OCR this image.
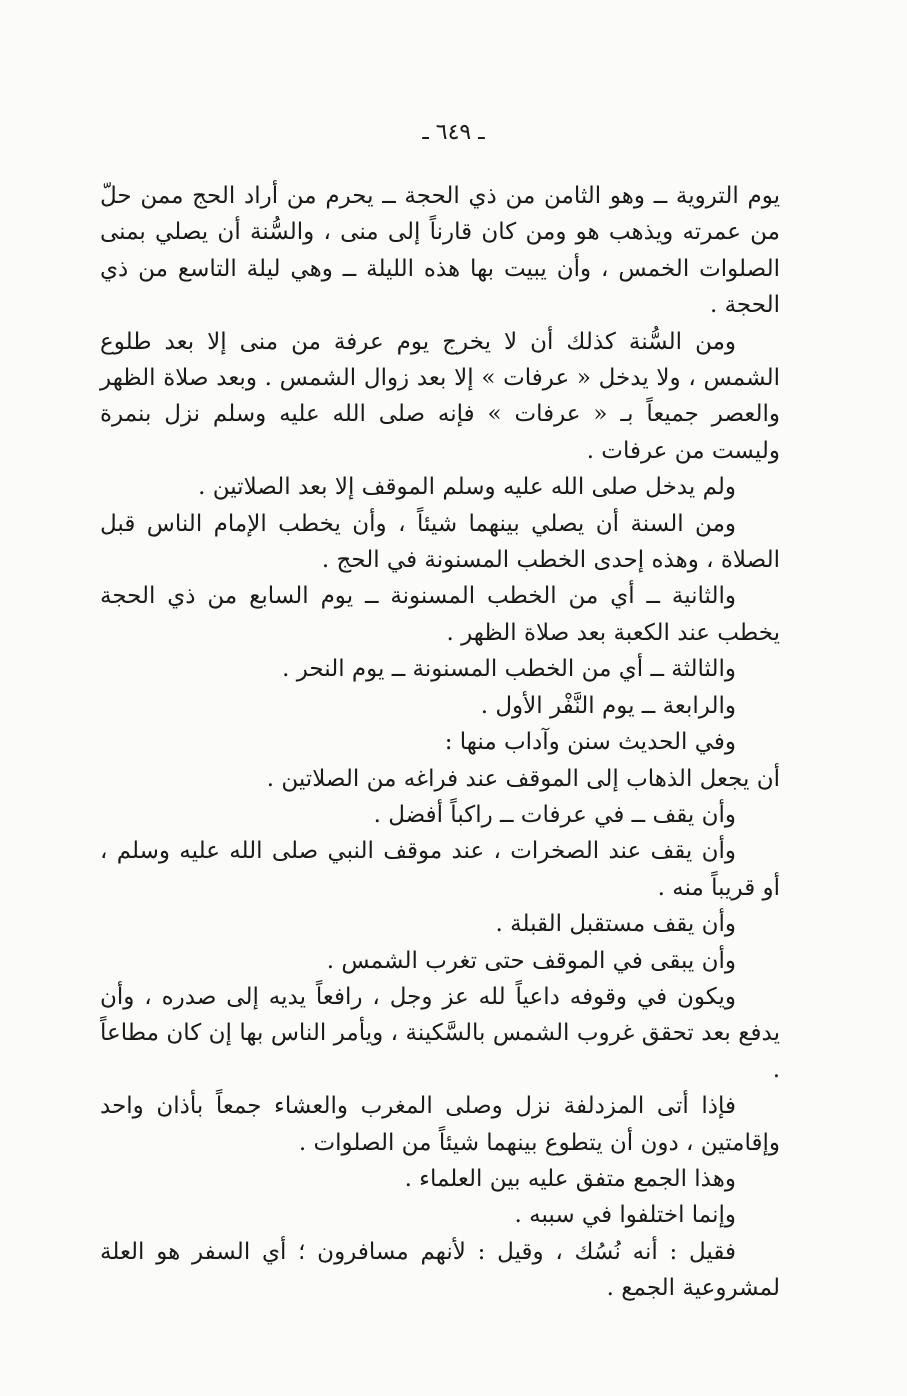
ـ ٦٤٩ ـ

يوم التروية ــ وهو الثامن من ذي الحجة ــ يحرم من أراد الحج ممن حلّ من عمرته ويذهب هو ومن كان قارناً إلى منى ، والسُّنة أن يصلي بمنى الصلوات الخمس ، وأن يبيت بها هذه الليلة ــ وهي ليلة التاسع من ذي الحجة .

ومن السُّنة كذلك أن لا يخرج يوم عرفة من منى إلا بعد طلوع الشمس ، ولا يدخل « عرفات » إلا بعد زوال الشمس . وبعد صلاة الظهر والعصر جميعاً بـ « عرفات » فإنه صلى الله عليه وسلم نزل بنمرة وليست من عرفات .

ولم يدخل صلى الله عليه وسلم الموقف إلا بعد الصلاتين .

ومن السنة أن يصلي بينهما شيئاً ، وأن يخطب الإمام الناس قبل الصلاة ، وهذه إحدى الخطب المسنونة في الحج .

والثانية ــ أي من الخطب المسنونة ــ يوم السابع من ذي الحجة يخطب عند الكعبة بعد صلاة الظهر .

والثالثة ــ أي من الخطب المسنونة ــ يوم النحر .

والرابعة ــ يوم النَّفْر الأول .

وفي الحديث سنن وآداب منها :

أن يجعل الذهاب إلى الموقف عند فراغه من الصلاتين .

وأن يقف ــ في عرفات ــ راكباً أفضل .

وأن يقف عند الصخرات ، عند موقف النبي صلى الله عليه وسلم ، أو قريباً منه .

وأن يقف مستقبل القبلة .

وأن يبقى في الموقف حتى تغرب الشمس .

ويكون في وقوفه داعياً لله عز وجل ، رافعاً يديه إلى صدره ، وأن يدفع بعد تحقق غروب الشمس بالسَّكينة ، ويأمر الناس بها إن كان مطاعاً .

فإذا أتى المزدلفة نزل وصلى المغرب والعشاء جمعاً بأذان واحد وإقامتين ، دون أن يتطوع بينهما شيئاً من الصلوات .

وهذا الجمع متفق عليه بين العلماء .

وإنما اختلفوا في سببه .

فقيل : أنه نُسُك ، وقيل : لأنهم مسافرون ؛ أي السفر هو العلة لمشروعية الجمع .
